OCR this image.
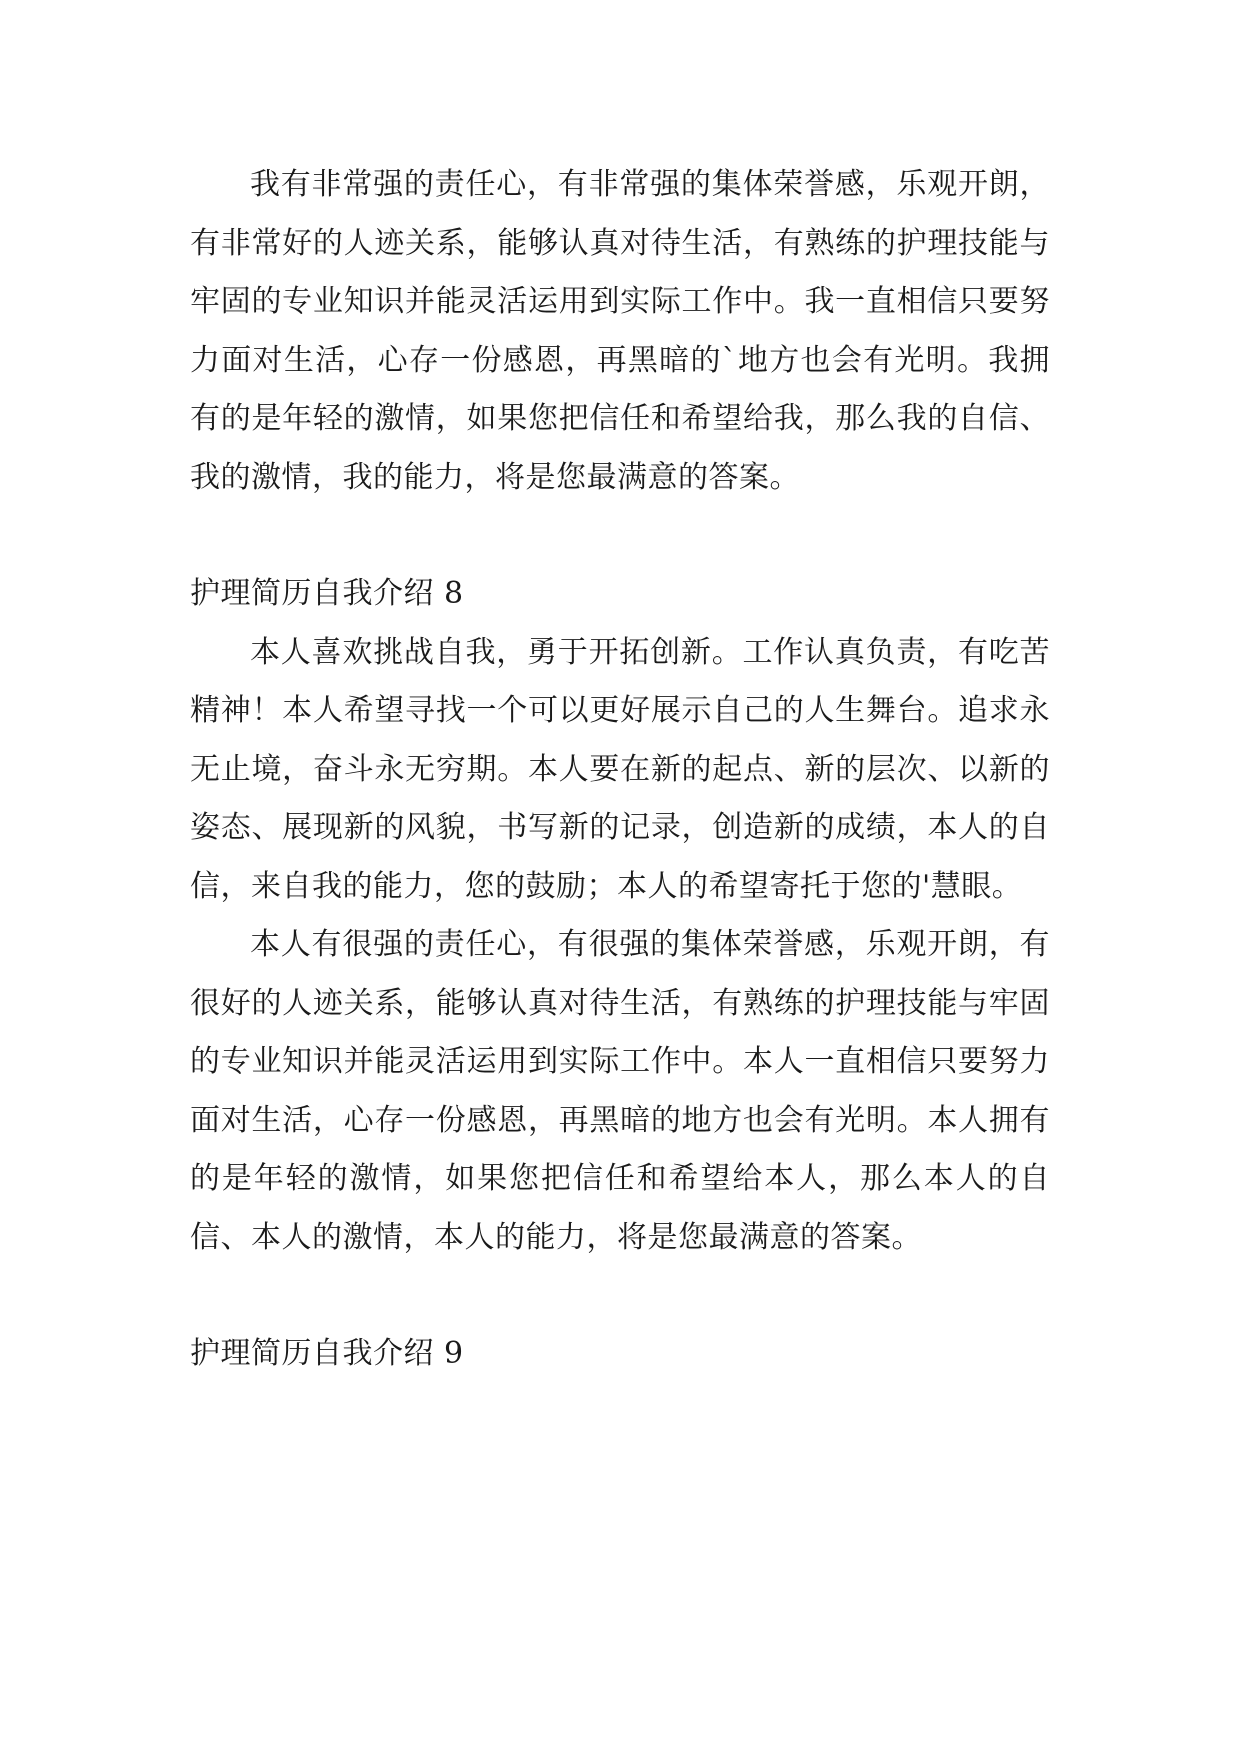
我有非常强的责任心，有非常强的集体荣誉感，乐观开朗，有非常好的人迹关系，能够认真对待生活，有熟练的护理技能与牢固的专业知识并能灵活运用到实际工作中。我一直相信只要努力面对生活，心存一份感恩，再黑暗的`地方也会有光明。我拥有的是年轻的激情，如果您把信任和希望给我，那么我的自信、我的激情，我的能力，将是您最满意的答案。

护理简历自我介绍 8

本人喜欢挑战自我，勇于开拓创新。工作认真负责，有吃苦精神！本人希望寻找一个可以更好展示自己的人生舞台。追求永无止境，奋斗永无穷期。本人要在新的起点、新的层次、以新的姿态、展现新的风貌，书写新的记录，创造新的成绩，本人的自信，来自我的能力，您的鼓励；本人的希望寄托于您的'慧眼。

本人有很强的责任心，有很强的集体荣誉感，乐观开朗，有很好的人迹关系，能够认真对待生活，有熟练的护理技能与牢固的专业知识并能灵活运用到实际工作中。本人一直相信只要努力面对生活，心存一份感恩，再黑暗的地方也会有光明。本人拥有的是年轻的激情，如果您把信任和希望给本人，那么本人的自信、本人的激情，本人的能力，将是您最满意的答案。

护理简历自我介绍 9
